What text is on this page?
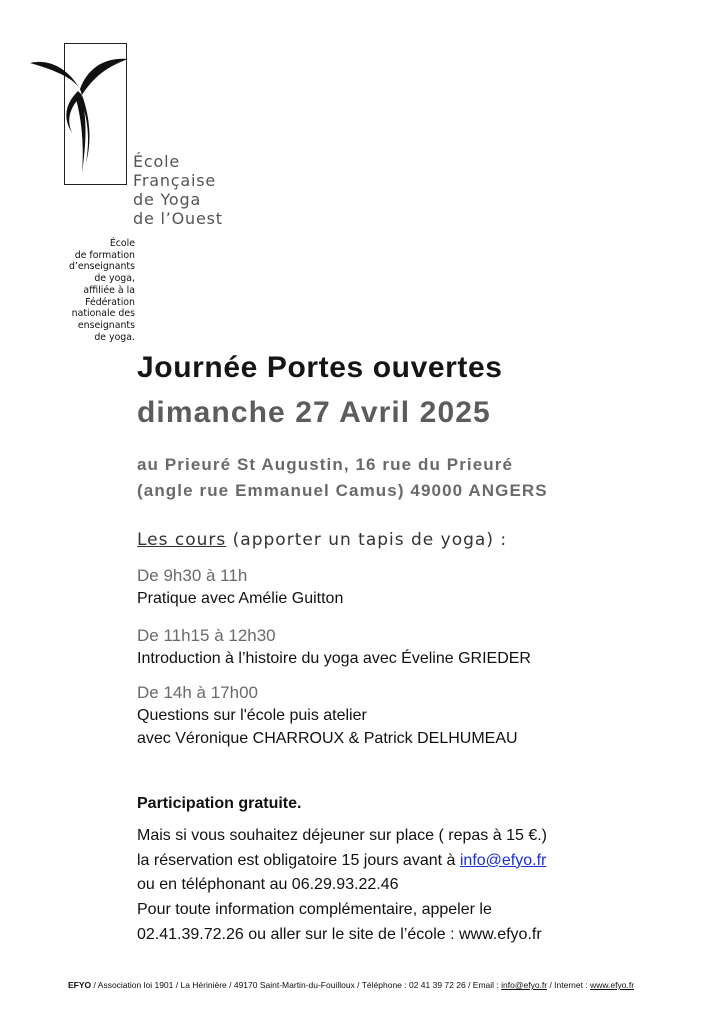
École
Française
de Yoga
de l’Ouest
École
de formation
d’enseignants
de yoga,
affiliée à la
Fédération
nationale des
enseignants
de yoga.
Journée Portes ouvertes
dimanche 27 Avril 2025
au Prieuré St Augustin, 16 rue du Prieuré
(angle rue Emmanuel Camus) 49000 ANGERS
Les cours (apporter un tapis de yoga) :
De 9h30 à 11h
Pratique avec Amélie Guitton
De 11h15 à 12h30
Introduction à l’histoire du yoga avec Éveline GRIEDER
De 14h à 17h00
Questions sur l'école puis atelier
avec Véronique CHARROUX & Patrick DELHUMEAU
Participation gratuite.
Mais si vous souhaitez déjeuner sur place ( repas à 15 €.)
la réservation est obligatoire 15 jours avant à info@efyo.fr
ou en téléphonant au 06.29.93.22.46
Pour toute information complémentaire, appeler le
02.41.39.72.26 ou aller sur le site de l’école : www.efyo.fr
EFYO / Association loi 1901 / La Hérinière / 49170 Saint-Martin-du-Fouilloux / Téléphone : 02 41 39 72 26 / Email : info@efyo.fr / Internet : www.efyo.fr
